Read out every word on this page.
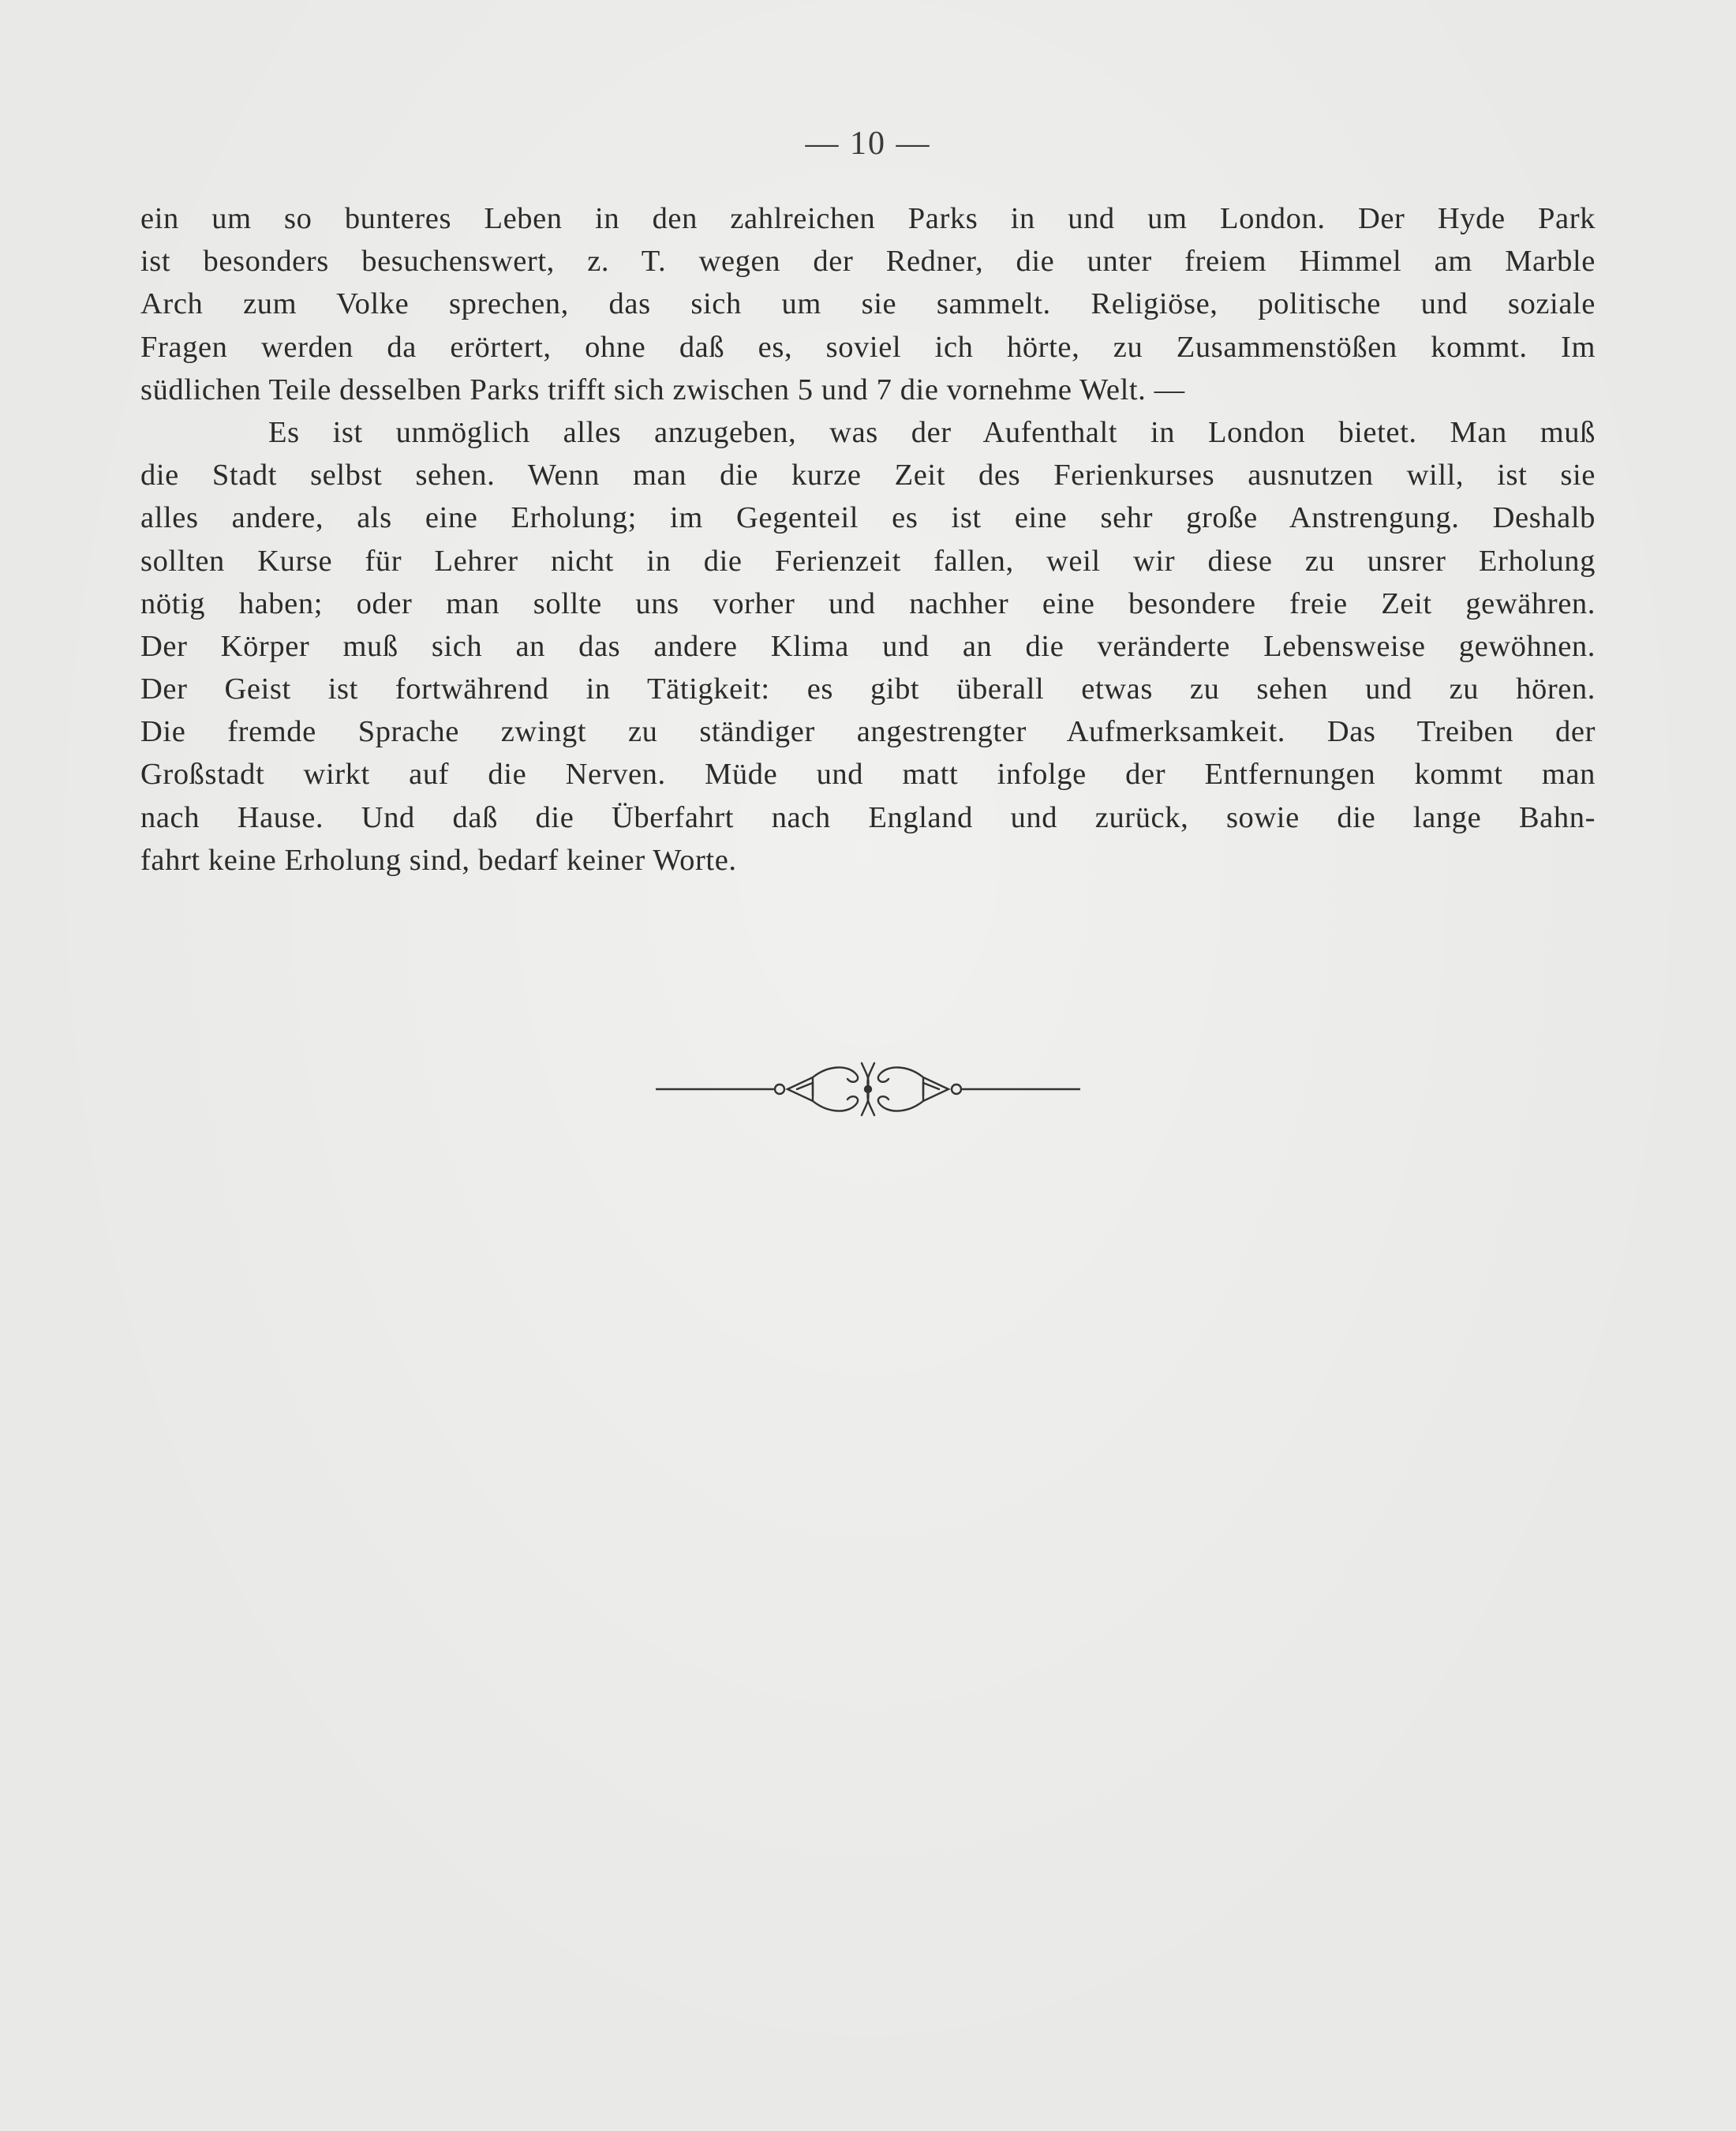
— 10 —
ein um so bunteres Leben in den zahlreichen Parks in und um London. Der Hyde Park
ist besonders besuchenswert, z. T. wegen der Redner, die unter freiem Himmel am Marble
Arch zum Volke sprechen, das sich um sie sammelt. Religiöse, politische und soziale
Fragen werden da erörtert, ohne daß es, soviel ich hörte, zu Zusammenstößen kommt. Im
südlichen Teile desselben Parks trifft sich zwischen 5 und 7 die vornehme Welt. —
Es ist unmöglich alles anzugeben, was der Aufenthalt in London bietet. Man muß
die Stadt selbst sehen. Wenn man die kurze Zeit des Ferienkurses ausnutzen will, ist sie
alles andere, als eine Erholung; im Gegenteil es ist eine sehr große Anstrengung. Deshalb
sollten Kurse für Lehrer nicht in die Ferienzeit fallen, weil wir diese zu unsrer Erholung
nötig haben; oder man sollte uns vorher und nachher eine besondere freie Zeit gewähren.
Der Körper muß sich an das andere Klima und an die veränderte Lebensweise gewöhnen.
Der Geist ist fortwährend in Tätigkeit: es gibt überall etwas zu sehen und zu hören.
Die fremde Sprache zwingt zu ständiger angestrengter Aufmerksamkeit. Das Treiben der
Großstadt wirkt auf die Nerven. Müde und matt infolge der Entfernungen kommt man
nach Hause. Und daß die Überfahrt nach England und zurück, sowie die lange Bahn-
fahrt keine Erholung sind, bedarf keiner Worte.
